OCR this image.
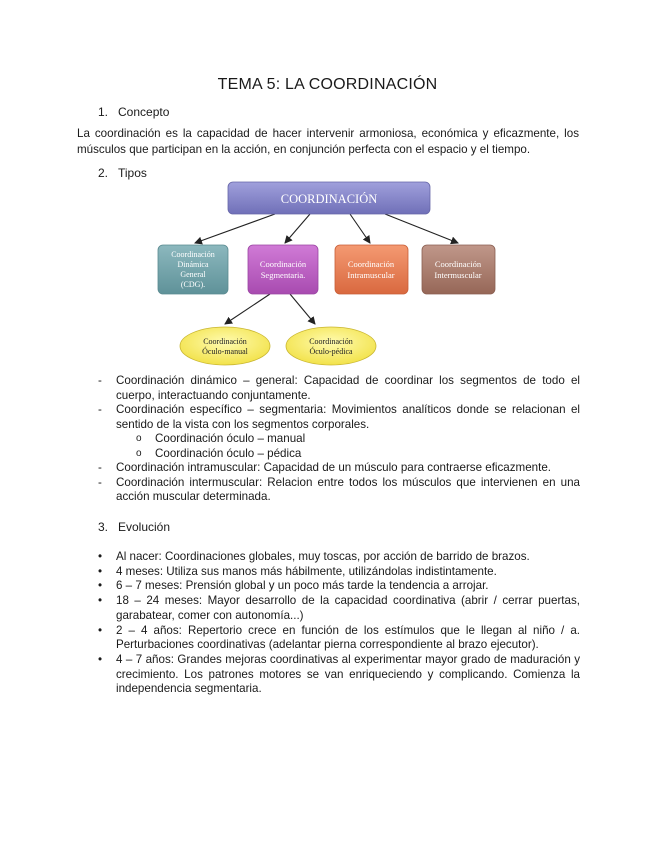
TEMA 5: LA COORDINACIÓN
1. Concepto
La coordinación es la capacidad de hacer intervenir armoniosa, económica y eficazmente, los músculos que participan en la acción, en conjunción perfecta con el espacio y el tiempo.
2. Tipos
COORDINACIÓN
Coordinación
Dinámica
General
(CDG).
Coordinación
Segmentaria.
Coordinación
Intramuscular
Coordinación
Intermuscular
Coordinación
Óculo-manual
Coordinación
Óculo-pédica
- Coordinación dinámico – general: Capacidad de coordinar los segmentos de todo el cuerpo, interactuando conjuntamente.
- Coordinación específico – segmentaria: Movimientos analíticos donde se relacionan el sentido de la vista con los segmentos corporales.
o Coordinación óculo – manual
o Coordinación óculo – pédica
- Coordinación intramuscular: Capacidad de un músculo para contraerse eficazmente.
- Coordinación intermuscular: Relacion entre todos los músculos que intervienen en una acción muscular determinada.
3. Evolución
• Al nacer: Coordinaciones globales, muy toscas, por acción de barrido de brazos.
• 4 meses: Utiliza sus manos más hábilmente, utilizándolas indistintamente.
• 6 – 7 meses: Prensión global y un poco más tarde la tendencia a arrojar.
• 18 – 24 meses: Mayor desarrollo de la capacidad coordinativa (abrir / cerrar puertas, garabatear, comer con autonomía...)
• 2 – 4 años: Repertorio crece en función de los estímulos que le llegan al niño / a. Perturbaciones coordinativas (adelantar pierna correspondiente al brazo ejecutor).
• 4 – 7 años: Grandes mejoras coordinativas al experimentar mayor grado de maduración y crecimiento. Los patrones motores se van enriqueciendo y complicando. Comienza la independencia segmentaria.
